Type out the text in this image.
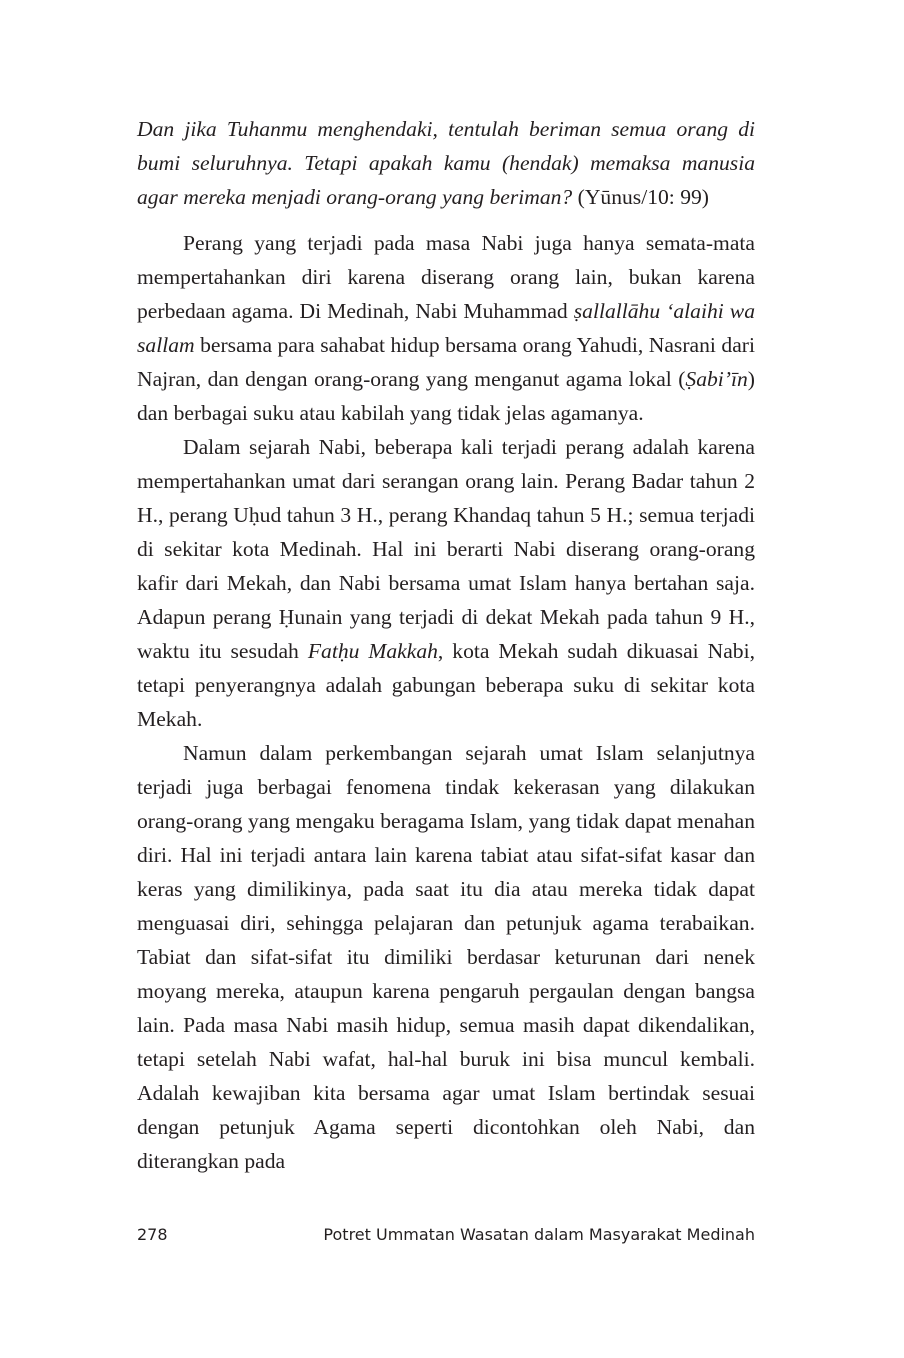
Dan jika Tuhanmu menghendaki, tentulah beriman semua orang di bumi seluruhnya. Tetapi apakah kamu (hendak) memaksa manusia agar mereka menjadi orang-orang yang beriman? (Yūnus/10: 99)

Perang yang terjadi pada masa Nabi juga hanya semata-mata mempertahankan diri karena diserang orang lain, bukan karena perbedaan agama. Di Medinah, Nabi Muhammad ṣallallāhu ‘alaihi wa sallam bersama para sahabat hidup bersama orang Yahudi, Nasrani dari Najran, dan dengan orang-orang yang menganut agama lokal (Ṣabi’īn) dan berbagai suku atau kabilah yang tidak jelas agamanya.

Dalam sejarah Nabi, beberapa kali terjadi perang adalah karena mempertahankan umat dari serangan orang lain. Perang Badar tahun 2 H., perang Uḥud tahun 3 H., perang Khandaq tahun 5 H.; semua terjadi di sekitar kota Medinah. Hal ini berarti Nabi diserang orang-orang kafir dari Mekah, dan Nabi bersama umat Islam hanya bertahan saja. Adapun perang Ḥunain yang terjadi di dekat Mekah pada tahun 9 H., waktu itu sesudah Fatḥu Makkah, kota Mekah sudah dikuasai Nabi, tetapi penyerangnya adalah gabungan beberapa suku di sekitar kota Mekah.

Namun dalam perkembangan sejarah umat Islam selanjutnya terjadi juga berbagai fenomena tindak kekerasan yang dilakukan orang-orang yang mengaku beragama Islam, yang tidak dapat menahan diri. Hal ini terjadi antara lain karena tabiat atau sifat-sifat kasar dan keras yang dimilikinya, pada saat itu dia atau mereka tidak dapat menguasai diri, sehingga pelajaran dan petunjuk agama terabaikan. Tabiat dan sifat-sifat itu dimiliki berdasar keturunan dari nenek moyang mereka, ataupun karena pengaruh pergaulan dengan bangsa lain. Pada masa Nabi masih hidup, semua masih dapat dikendalikan, tetapi setelah Nabi wafat, hal-hal buruk ini bisa muncul kembali. Adalah kewajiban kita bersama agar umat Islam bertindak sesuai dengan petunjuk Agama seperti dicontohkan oleh Nabi, dan diterangkan pada

278	Potret Ummatan Wasatan dalam Masyarakat Medinah
